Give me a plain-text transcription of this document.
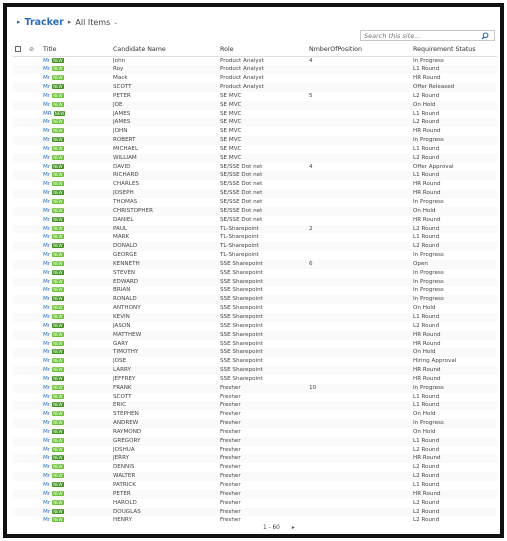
▸ Tracker ▸ All Items ⌄
Search this site...
	⊘	Title	Candidate Name	Role	NmberOfPosition	Requirement Status
		Mr NEW	John	Product Analyst	4	In Progress
		Mr NEW	Roy	Product Analyst		L1 Round
		Mr NEW	Mack	Product Analyst		HR Round
		Mr NEW	SCOTT	Product Analyst		Offer Released
		Mr NEW	PETER	SE MVC	5	L2 Round
		Mr NEW	JOE	SE MVC		On Hold
		MR NEW	JAMES	SE MVC		L1 Round
		Mr NEW	JAMES	SE MVC		L2 Round
		Mr NEW	JOHN	SE MVC		HR Round
		Mr NEW	ROBERT	SE MVC		In Progress
		Mr NEW	MICHAEL	SE MVC		L1 Round
		Mr NEW	WILLIAM	SE MVC		L2 Round
		Mr NEW	DAVID	SE/SSE Dot net	4	Offer Approval
		Mr NEW	RICHARD	SE/SSE Dot net		L1 Round
		Mr NEW	CHARLES	SE/SSE Dot net		HR Round
		Mr NEW	JOSEPH	SE/SSE Dot net		HR Round
		Mr NEW	THOMAS	SE/SSE Dot net		In Progress
		Mr NEW	CHRISTOPHER	SE/SSE Dot net		On Hold
		Mr NEW	DANIEL	SE/SSE Dot net		HR Round
		Mr NEW	PAUL	TL-Sharepoint	2	L2 Round
		Mr NEW	MARK	TL-Sharepoint		L1 Round
		Mr NEW	DONALD	TL-Sharepoint		L2 Round
		Mr NEW	GEORGE	TL-Sharepoint		In Progress
		Mr NEW	KENNETH	SSE Sharepoint	6	Open
		Mr NEW	STEVEN	SSE Sharepoint		In Progress
		Mr NEW	EDWARD	SSE Sharepoint		In Progress
		Mr NEW	BRIAN	SSE Sharepoint		In Progress
		Mr NEW	RONALD	SSE Sharepoint		In Progress
		Mr NEW	ANTHONY	SSE Sharepoint		On Hold
		Mr NEW	KEVIN	SSE Sharepoint		L1 Round
		Mr NEW	JASON	SSE Sharepoint		L2 Round
		Mr NEW	MATTHEW	SSE Sharepoint		HR Round
		Mr NEW	GARY	SSE Sharepoint		HR Round
		Mr NEW	TIMOTHY	SSE Sharepoint		On Hold
		Mr NEW	JOSE	SSE Sharepoint		Hiring Approval
		Mr NEW	LARRY	SSE Sharepoint		HR Round
		Mr NEW	JEFFREY	SSE Sharepoint		HR Round
		Mr NEW	FRANK	Fresher	10	In Progress
		Mr NEW	SCOTT	Fresher		L1 Round
		Mr NEW	ERIC	Fresher		L1 Round
		Mr NEW	STEPHEN	Fresher		On Hold
		Mr NEW	ANDREW	Fresher		In Progress
		Mr NEW	RAYMOND	Fresher		On Hold
		Mr NEW	GREGORY	Fresher		L1 Round
		Mr NEW	JOSHUA	Fresher		L2 Round
		Mr NEW	JERRY	Fresher		HR Round
		Mr NEW	DENNIS	Fresher		L2 Round
		Mr NEW	WALTER	Fresher		L2 Round
		Mr NEW	PATRICK	Fresher		L1 Round
		Mr NEW	PETER	Fresher		HR Round
		Mr NEW	HAROLD	Fresher		L2 Round
		Mr NEW	DOUGLAS	Fresher		L2 Round
		Mr NEW	HENRY	Fresher		L2 Round
1 - 60 ▸
